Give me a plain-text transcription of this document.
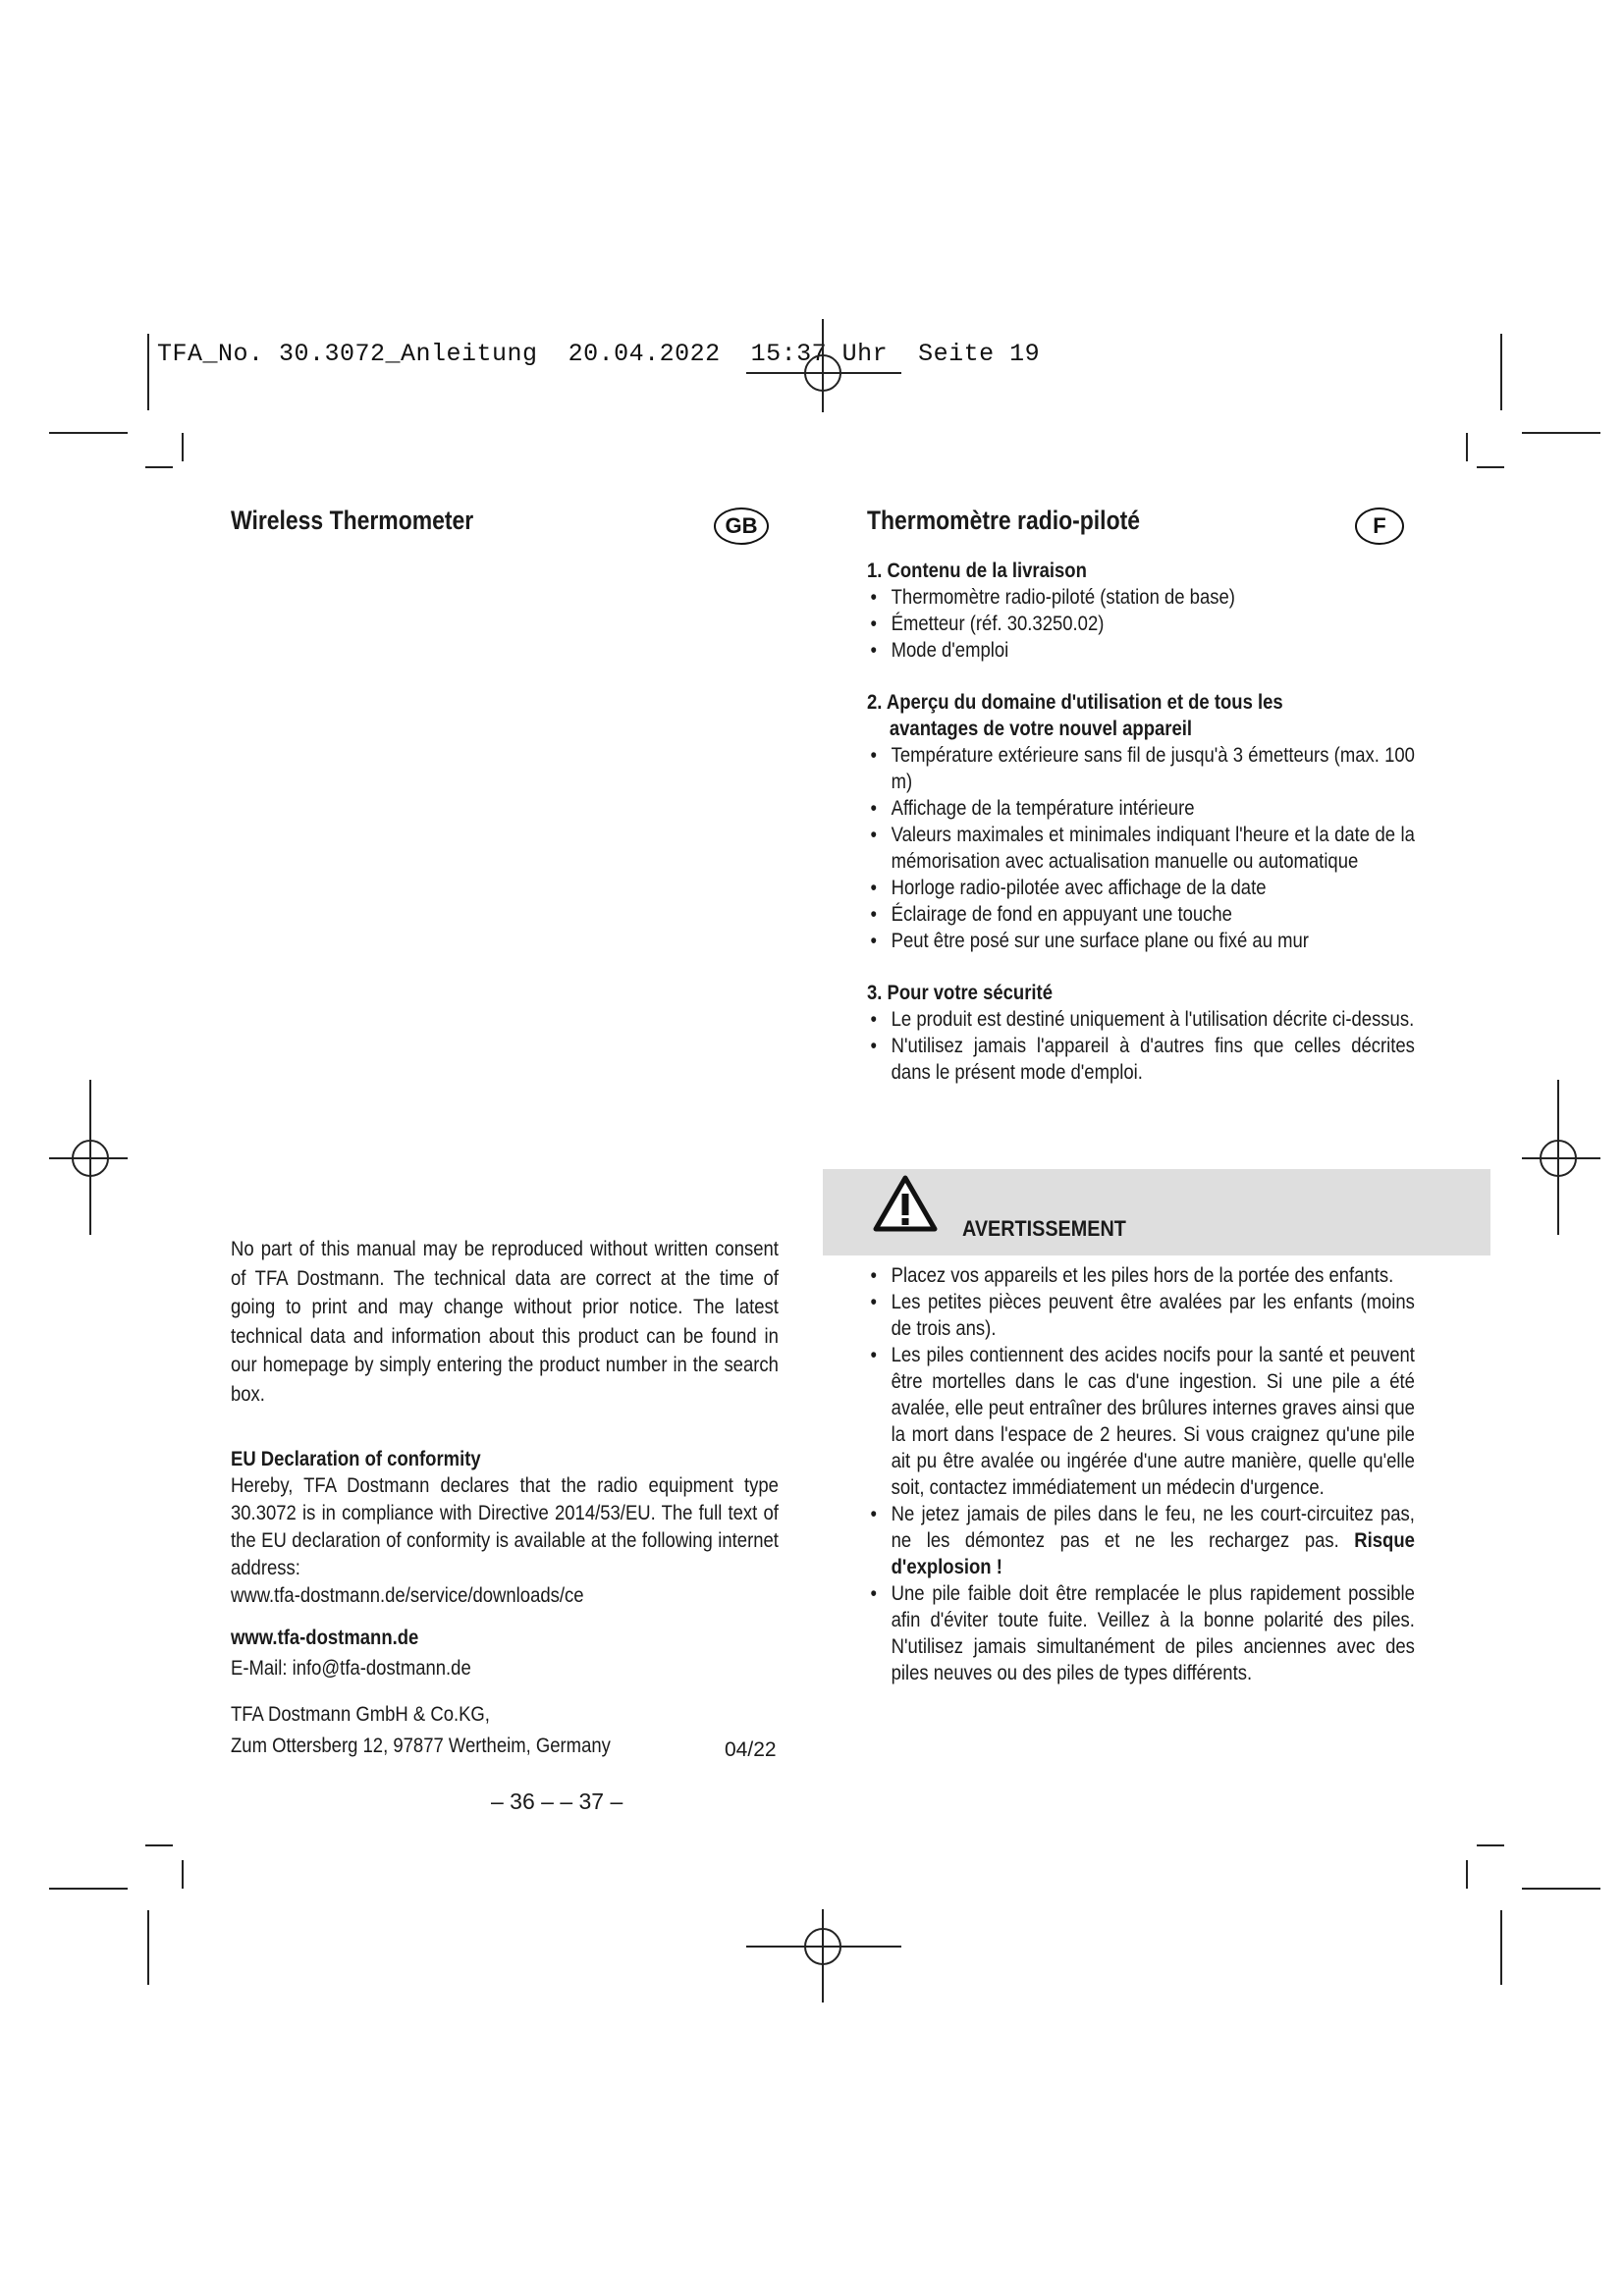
TFA_No. 30.3072_Anleitung  20.04.2022  15:37 Uhr  Seite 19
Wireless Thermometer	GB

No part of this manual may be reproduced without written consent of TFA Dostmann. The technical data are correct at the time of going to print and may change without prior notice. The latest technical data and information about this product can be found in our homepage by simply entering the product number in the search box.

EU Declaration of conformity

Hereby, TFA Dostmann declares that the radio equipment type 30.3072 is in compliance with Directive 2014/53/EU. The full text of the EU declaration of conformity is available at the following internet address:

www.tfa-dostmann.de/service/downloads/ce

www.tfa-dostmann.de

E-Mail: info@tfa-dostmann.de

TFA Dostmann GmbH & Co.KG,

Zum Ottersberg 12, 97877 Wertheim, Germany	04/22
Thermomètre radio-piloté	F

1. Contenu de la livraison

• Thermomètre radio-piloté (station de base)
• Émetteur (réf. 30.3250.02)
• Mode d'emploi

2. Aperçu du domaine d'utilisation et de tous les
avantages de votre nouvel appareil

• Température extérieure sans fil de jusqu'à 3 émetteurs (max. 100 m)
• Affichage de la température intérieure
• Valeurs maximales et minimales indiquant l'heure et la date de la mémorisation avec actualisation manuelle ou automatique
• Horloge radio-pilotée avec affichage de la date
• Éclairage de fond en appuyant une touche
• Peut être posé sur une surface plane ou fixé au mur

3. Pour votre sécurité

• Le produit est destiné uniquement à l'utilisation décrite ci-dessus.
• N'utilisez jamais l'appareil à d'autres fins que celles décrites dans le présent mode d'emploi.
AVERTISSEMENT
• Placez vos appareils et les piles hors de la portée des enfants.
• Les petites pièces peuvent être avalées par les enfants (moins de trois ans).
• Les piles contiennent des acides nocifs pour la santé et peuvent être mortelles dans le cas d'une ingestion. Si une pile a été avalée, elle peut entraîner des brûlures internes graves ainsi que la mort dans l'espace de 2 heures. Si vous craignez qu'une pile ait pu être avalée ou ingérée d'une autre manière, quelle qu'elle soit, contactez immédiatement un médecin d'urgence.
• Ne jetez jamais de piles dans le feu, ne les court-circuitez pas, ne les démontez pas et ne les rechargez pas. Risque d'explosion !
• Une pile faible doit être remplacée le plus rapidement possible afin d'éviter toute fuite. Veillez à la bonne polarité des piles. N'utilisez jamais simultanément de piles anciennes avec des piles neuves ou des piles de types différents.
– 36 – – 37 –
